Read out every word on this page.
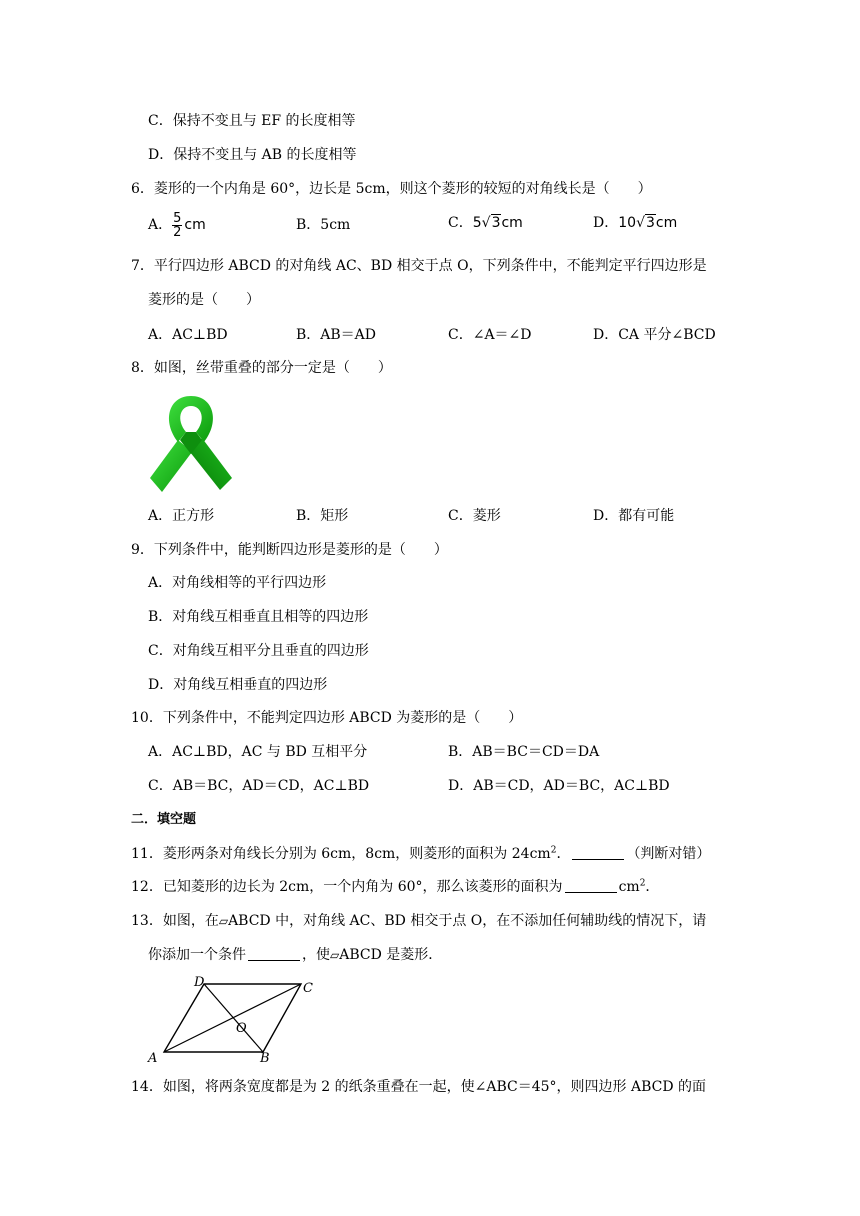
C．保持不变且与 EF 的长度相等
D．保持不变且与 AB 的长度相等
6．菱形的一个内角是 60°，边长是 5cm，则这个菱形的较短的对角线长是（　　）
A． $\frac{5}{2}$ cm	B．5cm	C．5√3cm	D．10√3cm
7．平行四边形 ABCD 的对角线 AC、BD 相交于点 O，下列条件中，不能判定平行四边形是
菱形的是（　　）
A．AC⊥BD	B．AB＝AD	C．∠A＝∠D	D．CA 平分∠BCD
8．如图，丝带重叠的部分一定是（　　）
A．正方形	B．矩形	C．菱形	D．都有可能
9．下列条件中，能判断四边形是菱形的是（　　）
A．对角线相等的平行四边形
B．对角线互相垂直且相等的四边形
C．对角线互相平分且垂直的四边形
D．对角线互相垂直的四边形
10．下列条件中，不能判定四边形 ABCD 为菱形的是（　　）
A．AC⊥BD，AC 与 BD 互相平分	B．AB＝BC＝CD＝DA
C．AB＝BC，AD＝CD，AC⊥BD	D．AB＝CD，AD＝BC，AC⊥BD
二．填空题
11．菱形两条对角线长分别为 6cm，8cm，则菱形的面积为 $24cm^2$．	（判断对错）
12．已知菱形的边长为 2cm，一个内角为 60°，那么该菱形的面积为	$cm^2$．
13．如图，在▱ABCD 中，对角线 AC、BD 相交于点 O，在不添加任何辅助线的情况下，请
你添加一个条件	，使▱ABCD 是菱形．
A	B
C
D
O
14．如图，将两条宽度都是为 2 的纸条重叠在一起，使∠ABC＝45°，则四边形 ABCD 的面
